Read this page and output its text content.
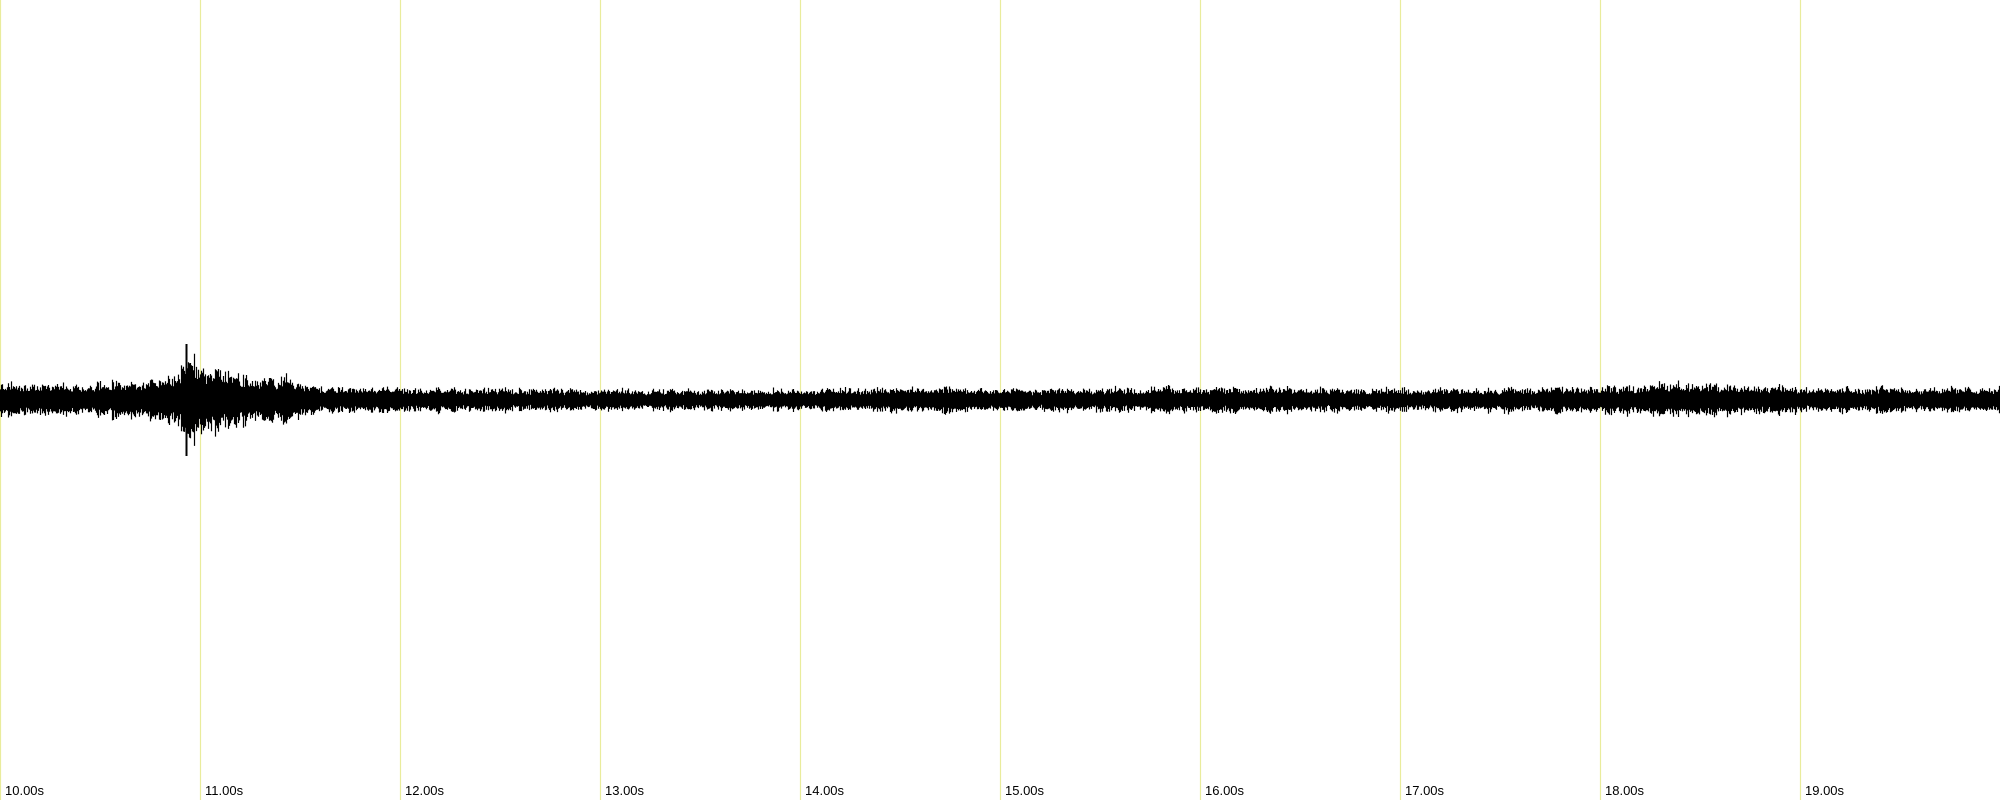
10.00s	11.00s	12.00s	13.00s	14.00s	15.00s	16.00s	17.00s	18.00s	19.00s
